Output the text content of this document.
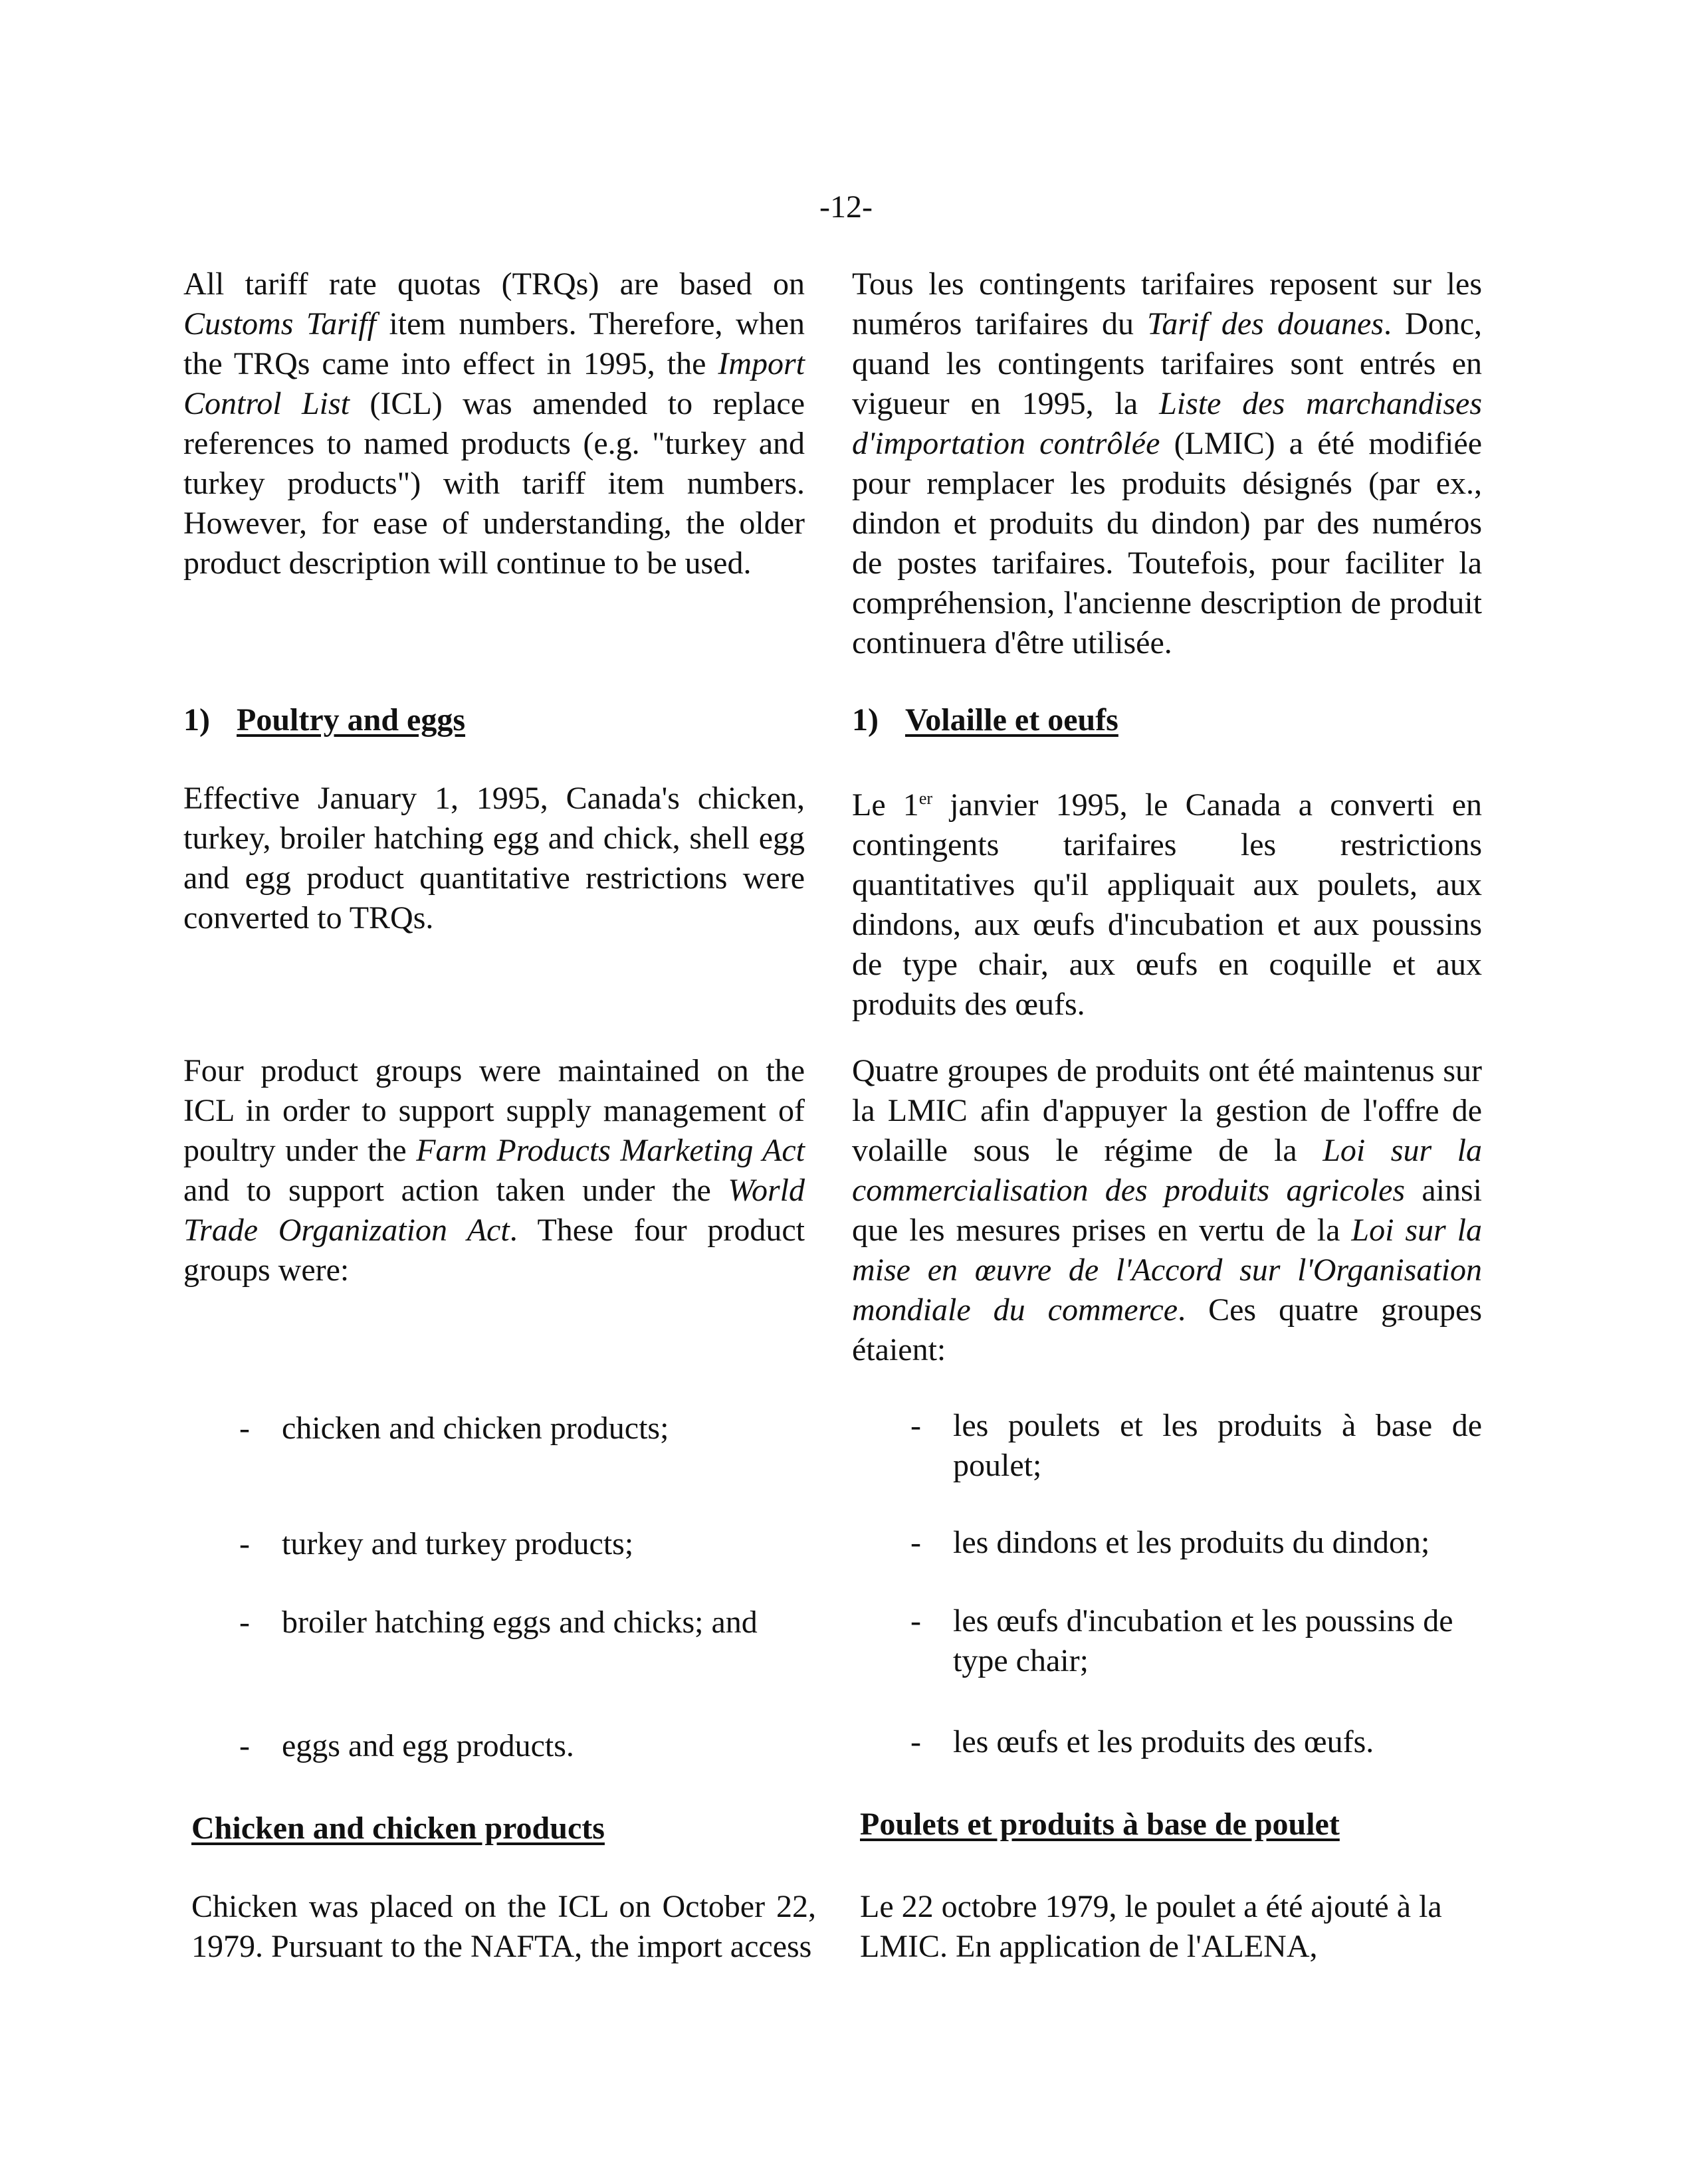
-12-

All tariff rate quotas (TRQs) are based on Customs Tariff item numbers. Therefore, when the TRQs came into effect in 1995, the Import Control List (ICL) was amended to replace references to named products (e.g. "turkey and turkey products") with tariff item numbers. However, for ease of understanding, the older product description will continue to be used.

1) Poultry and eggs

Effective January 1, 1995, Canada's chicken, turkey, broiler hatching egg and chick, shell egg and egg product quantitative restrictions were converted to TRQs.

Four product groups were maintained on the ICL in order to support supply management of poultry under the Farm Products Marketing Act and to support action taken under the World Trade Organization Act. These four product groups were:

- chicken and chicken products;
- turkey and turkey products;
- broiler hatching eggs and chicks; and
- eggs and egg products.

Chicken and chicken products

Chicken was placed on the ICL on October 22, 1979. Pursuant to the NAFTA, the import access

Tous les contingents tarifaires reposent sur les numéros tarifaires du Tarif des douanes. Donc, quand les contingents tarifaires sont entrés en vigueur en 1995, la Liste des marchandises d'importation contrôlée (LMIC) a été modifiée pour remplacer les produits désignés (par ex., dindon et produits du dindon) par des numéros de postes tarifaires. Toutefois, pour faciliter la compréhension, l'ancienne description de produit continuera d'être utilisée.

1) Volaille et oeufs

Le 1er janvier 1995, le Canada a converti en contingents tarifaires les restrictions quantitatives qu'il appliquait aux poulets, aux dindons, aux œufs d'incubation et aux poussins de type chair, aux œufs en coquille et aux produits des œufs.

Quatre groupes de produits ont été maintenus sur la LMIC afin d'appuyer la gestion de l'offre de volaille sous le régime de la Loi sur la commercialisation des produits agricoles ainsi que les mesures prises en vertu de la Loi sur la mise en œuvre de l'Accord sur l'Organisation mondiale du commerce. Ces quatre groupes étaient:

- les poulets et les produits à base de poulet;
- les dindons et les produits du dindon;
- les œufs d'incubation et les poussins de type chair;
- les œufs et les produits des œufs.

Poulets et produits à base de poulet

Le 22 octobre 1979, le poulet a été ajouté à la LMIC. En application de l'ALENA,
